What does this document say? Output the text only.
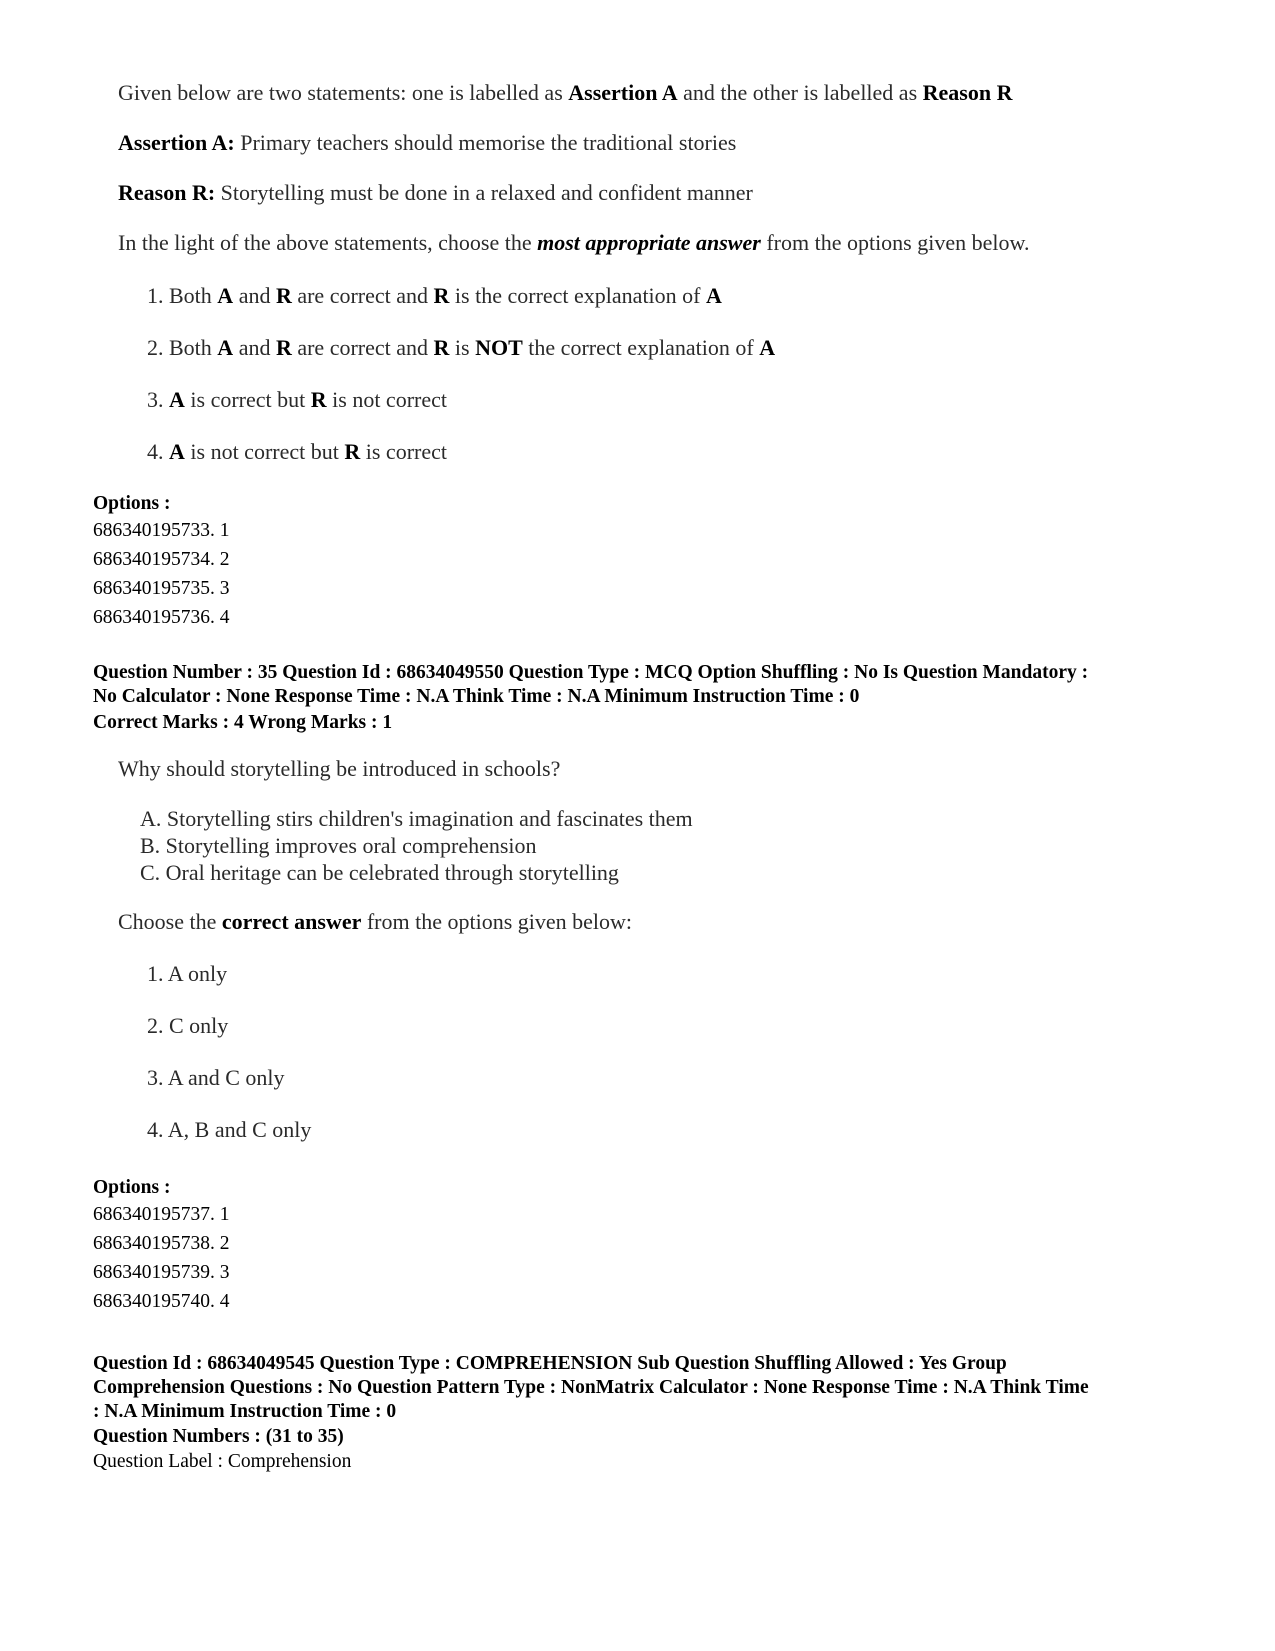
Given below are two statements: one is labelled as Assertion A and the other is labelled as Reason R

Assertion A: Primary teachers should memorise the traditional stories

Reason R: Storytelling must be done in a relaxed and confident manner

In the light of the above statements, choose the most appropriate answer from the options given below.

1. Both A and R are correct and R is the correct explanation of A

2. Both A and R are correct and R is NOT the correct explanation of A

3. A is correct but R is not correct

4. A is not correct but R is correct

Options :
686340195733. 1
686340195734. 2
686340195735. 3
686340195736. 4
Question Number : 35 Question Id : 68634049550 Question Type : MCQ Option Shuffling : No Is Question Mandatory :
No Calculator : None Response Time : N.A Think Time : N.A Minimum Instruction Time : 0
Correct Marks : 4 Wrong Marks : 1

Why should storytelling be introduced in schools?

A. Storytelling stirs children's imagination and fascinates them

B. Storytelling improves oral comprehension

C. Oral heritage can be celebrated through storytelling

Choose the correct answer from the options given below:

1. A only

2. C only

3. A and C only

4. A, B and C only

Options :
686340195737. 1
686340195738. 2
686340195739. 3
686340195740. 4
Question Id : 68634049545 Question Type : COMPREHENSION Sub Question Shuffling Allowed : Yes Group
Comprehension Questions : No Question Pattern Type : NonMatrix Calculator : None Response Time : N.A Think Time
: N.A Minimum Instruction Time : 0
Question Numbers : (31 to 35)
Question Label : Comprehension
